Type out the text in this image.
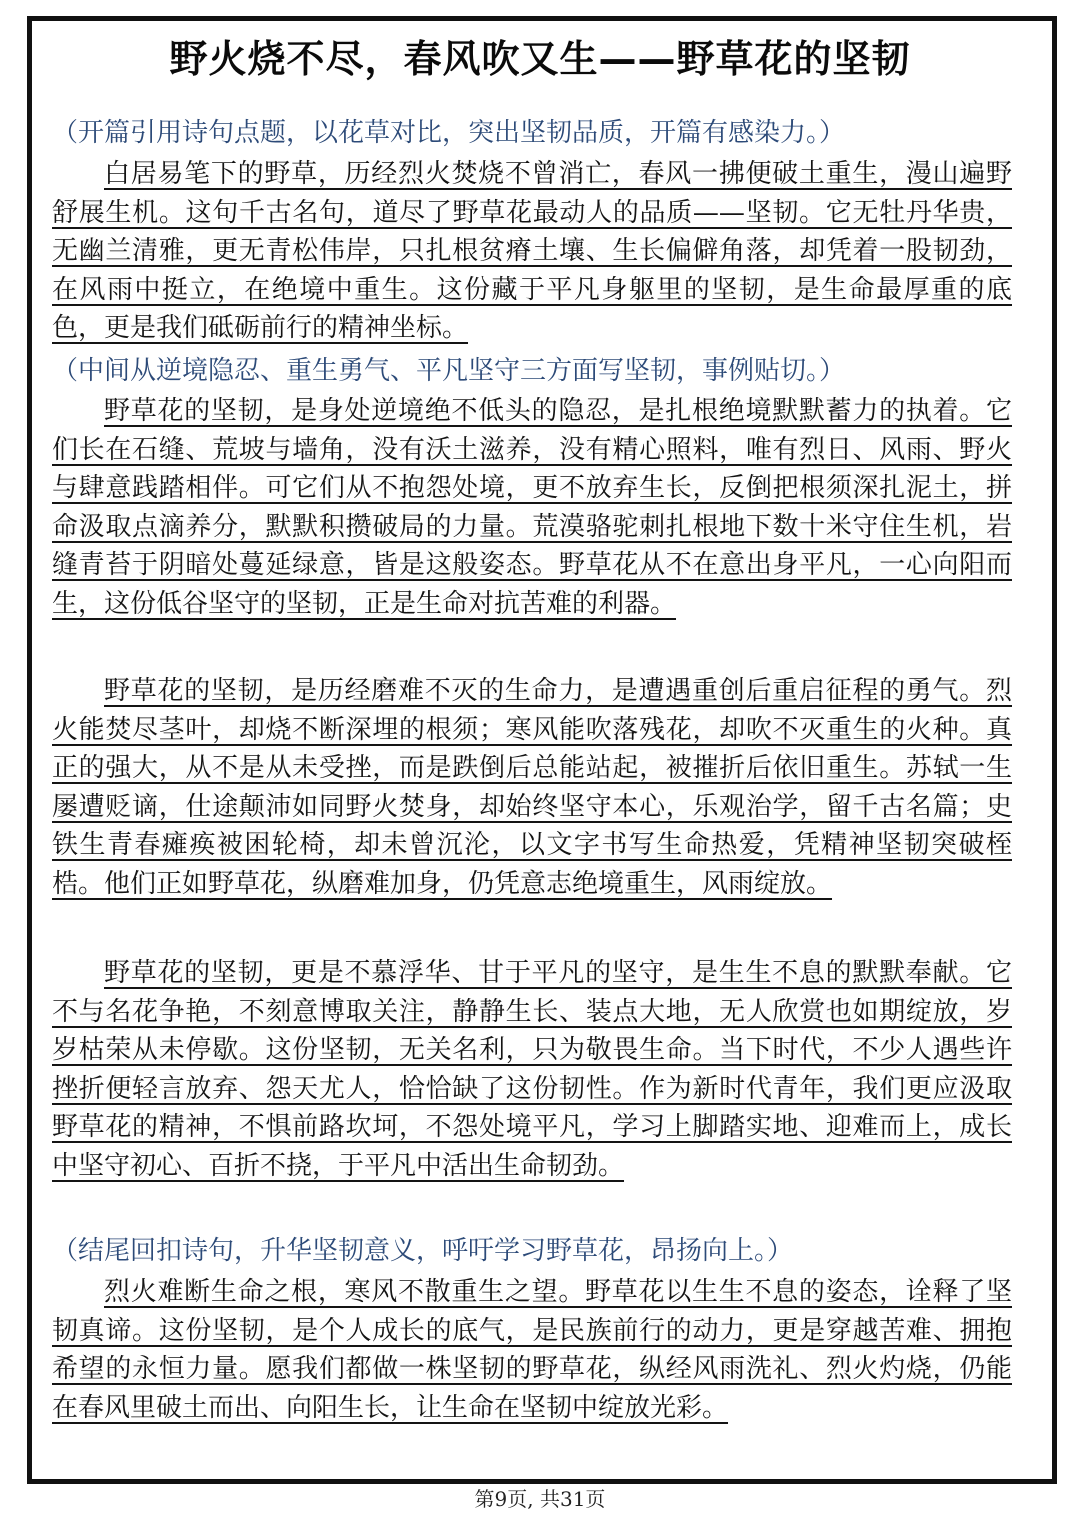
野火烧不尽，春风吹又生——野草花的坚韧

（开篇引用诗句点题，以花草对比，突出坚韧品质，开篇有感染力。）

白居易笔下的野草，历经烈火焚烧不曾消亡，春风一拂便破土重生，漫山遍野舒展生机。这句千古名句，道尽了野草花最动人的品质——坚韧。它无牡丹华贵，无幽兰清雅，更无青松伟岸，只扎根贫瘠土壤、生长偏僻角落，却凭着一股韧劲，在风雨中挺立，在绝境中重生。这份藏于平凡身躯里的坚韧，是生命最厚重的底色，更是我们砥砺前行的精神坐标。

（中间从逆境隐忍、重生勇气、平凡坚守三方面写坚韧，事例贴切。）

野草花的坚韧，是身处逆境绝不低头的隐忍，是扎根绝境默默蓄力的执着。它们长在石缝、荒坡与墙角，没有沃土滋养，没有精心照料，唯有烈日、风雨、野火与肆意践踏相伴。可它们从不抱怨处境，更不放弃生长，反倒把根须深扎泥土，拼命汲取点滴养分，默默积攒破局的力量。荒漠骆驼刺扎根地下数十米守住生机，岩缝青苔于阴暗处蔓延绿意，皆是这般姿态。野草花从不在意出身平凡，一心向阳而生，这份低谷坚守的坚韧，正是生命对抗苦难的利器。

野草花的坚韧，是历经磨难不灭的生命力，是遭遇重创后重启征程的勇气。烈火能焚尽茎叶，却烧不断深埋的根须；寒风能吹落残花，却吹不灭重生的火种。真正的强大，从不是从未受挫，而是跌倒后总能站起，被摧折后依旧重生。苏轼一生屡遭贬谪，仕途颠沛如同野火焚身，却始终坚守本心，乐观治学，留千古名篇；史铁生青春瘫痪被困轮椅，却未曾沉沦，以文字书写生命热爱，凭精神坚韧突破桎梏。他们正如野草花，纵磨难加身，仍凭意志绝境重生，风雨绽放。

野草花的坚韧，更是不慕浮华、甘于平凡的坚守，是生生不息的默默奉献。它不与名花争艳，不刻意博取关注，静静生长、装点大地，无人欣赏也如期绽放，岁岁枯荣从未停歇。这份坚韧，无关名利，只为敬畏生命。当下时代，不少人遇些许挫折便轻言放弃、怨天尤人，恰恰缺了这份韧性。作为新时代青年，我们更应汲取野草花的精神，不惧前路坎坷，不怨处境平凡，学习上脚踏实地、迎难而上，成长中坚守初心、百折不挠，于平凡中活出生命韧劲。

（结尾回扣诗句，升华坚韧意义，呼吁学习野草花，昂扬向上。）

烈火难断生命之根，寒风不散重生之望。野草花以生生不息的姿态，诠释了坚韧真谛。这份坚韧，是个人成长的底气，是民族前行的动力，更是穿越苦难、拥抱希望的永恒力量。愿我们都做一株坚韧的野草花，纵经风雨洗礼、烈火灼烧，仍能在春风里破土而出、向阳生长，让生命在坚韧中绽放光彩。

第9页, 共31页
